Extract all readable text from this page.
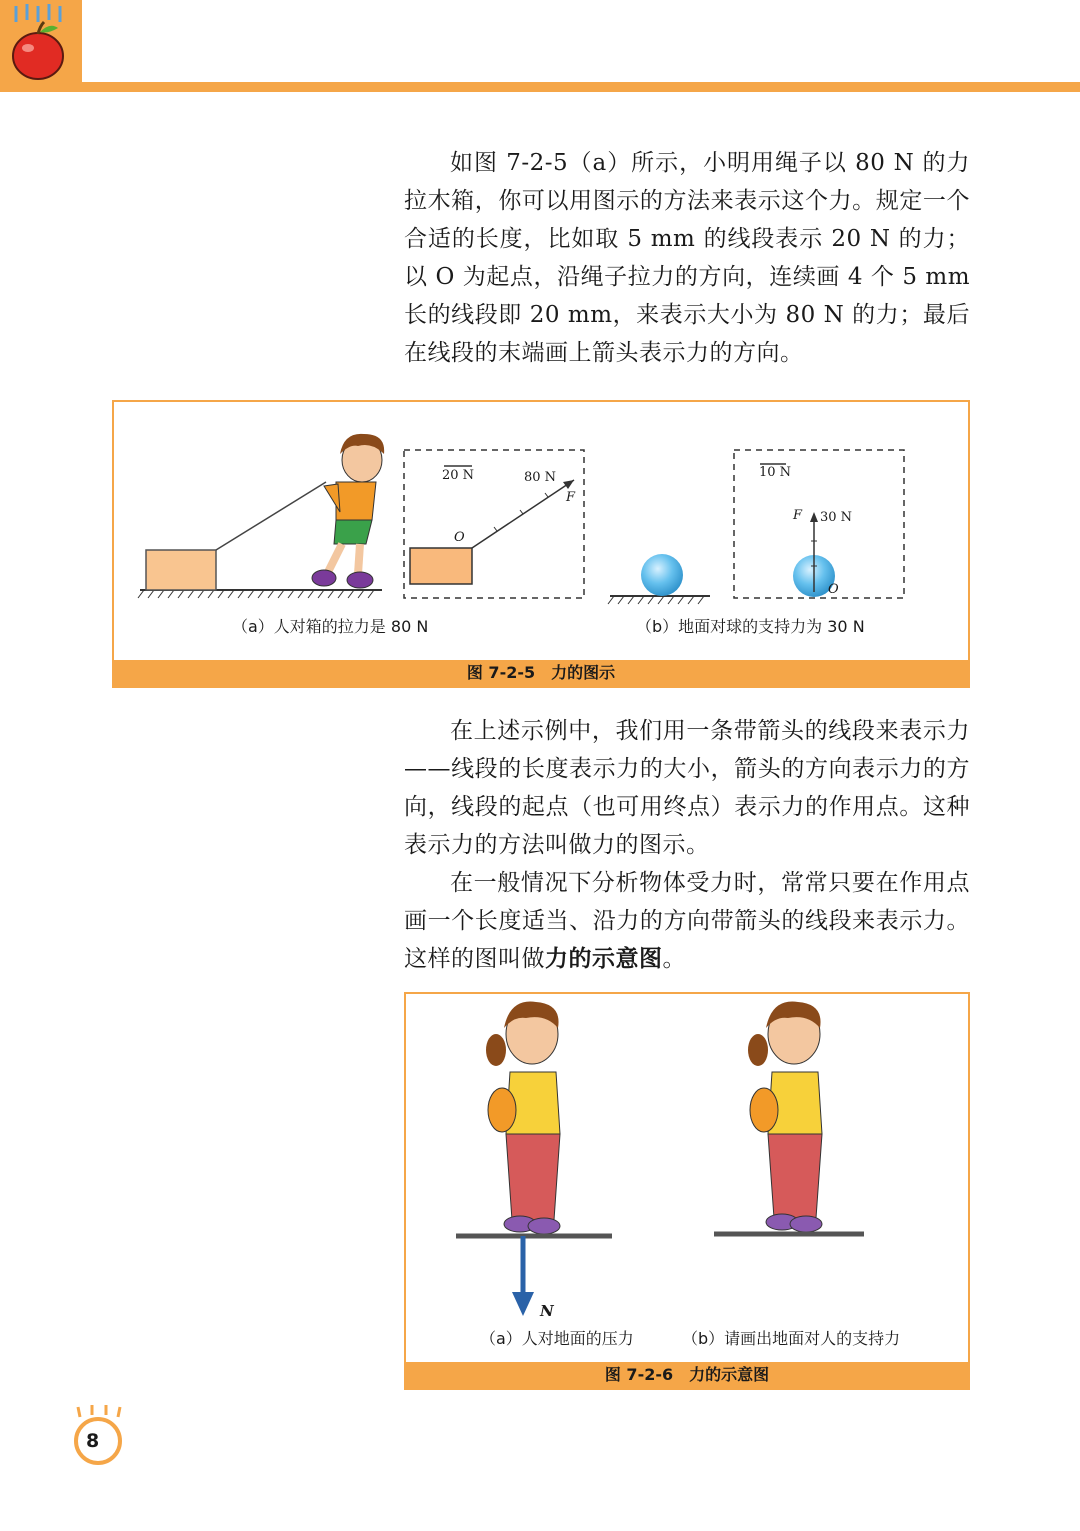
如图 7-2-5（a）所示，小明用绳子以 80 N 的力拉木箱，你可以用图示的方法来表示这个力。规定一个合适的长度，比如取 5 mm 的线段表示 20 N 的力；以 O 为起点，沿绳子拉力的方向，连续画 4 个 5 mm 长的线段即 20 mm，来表示大小为 80 N 的力；最后在线段的末端画上箭头表示力的方向。

20 N	80 N
F
O
10 N
F 30 N
O
（a）人对箱的拉力是 80 N	（b）地面对球的支持力为 30 N
图 7-2-5　力的图示

在上述示例中，我们用一条带箭头的线段来表示力——线段的长度表示力的大小，箭头的方向表示力的方向，线段的起点（也可用终点）表示力的作用点。这种表示力的方法叫做力的图示。

在一般情况下分析物体受力时，常常只要在作用点画一个长度适当、沿力的方向带箭头的线段来表示力。这样的图叫做力的示意图。

N
（a）人对地面的压力	（b）请画出地面对人的支持力
图 7-2-6　力的示意图
8
